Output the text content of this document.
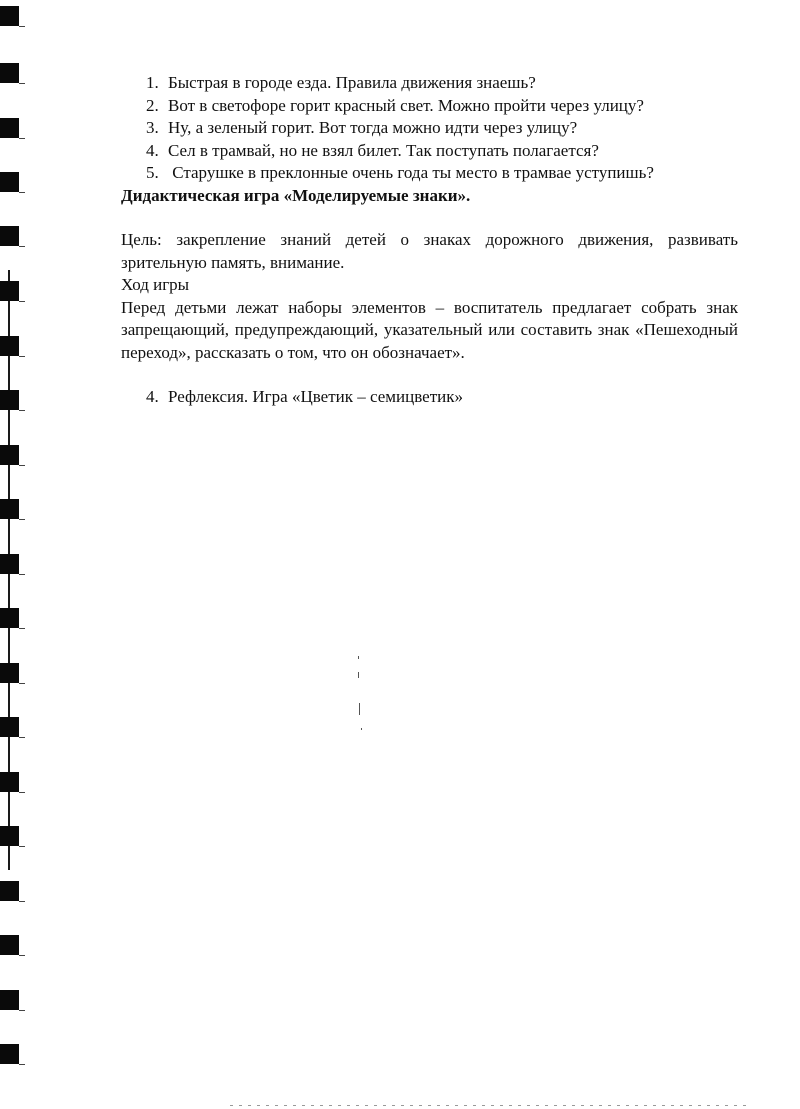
1. Быстрая в городе езда. Правила движения знаешь?
2. Вот в светофоре горит красный свет. Можно пройти через улицу?
3. Ну, а зеленый горит. Вот тогда можно идти через улицу?
4. Сел в трамвай, но не взял билет. Так поступать полагается?
5. Старушке в преклонные очень года ты место в трамвае уступишь?

Дидактическая игра «Моделируемые знаки».

Цель: закрепление знаний детей о знаках дорожного движения, развивать зрительную память, внимание.

Ход игры

Перед детьми лежат наборы элементов – воспитатель предлагает собрать знак запрещающий, предупреждающий, указательный или составить знак «Пешеходный переход», рассказать о том, что он обозначает».

4. Рефлексия. Игра «Цветик – семицветик»
